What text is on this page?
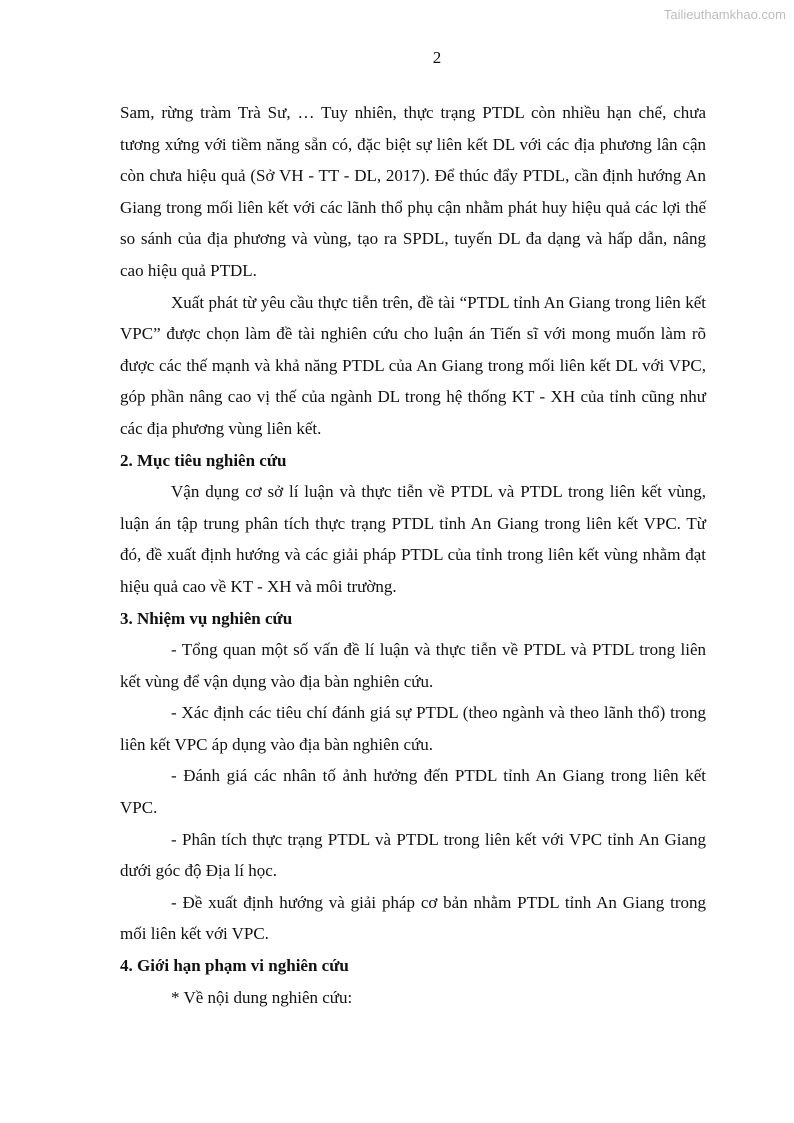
Tailieuthamkhao.com
2

Sam, rừng tràm Trà Sư, … Tuy nhiên, thực trạng PTDL còn nhiều hạn chế, chưa tương xứng với tiềm năng sẵn có, đặc biệt sự liên kết DL với các địa phương lân cận còn chưa hiệu quả (Sở VH - TT - DL, 2017). Để thúc đẩy PTDL, cần định hướng An Giang trong mối liên kết với các lãnh thổ phụ cận nhằm phát huy hiệu quả các lợi thế so sánh của địa phương và vùng, tạo ra SPDL, tuyến DL đa dạng và hấp dẫn, nâng cao hiệu quả PTDL.

Xuất phát từ yêu cầu thực tiễn trên, đề tài “PTDL tỉnh An Giang trong liên kết VPC” được chọn làm đề tài nghiên cứu cho luận án Tiến sĩ với mong muốn làm rõ được các thế mạnh và khả năng PTDL của An Giang trong mối liên kết DL với VPC, góp phần nâng cao vị thế của ngành DL trong hệ thống KT - XH của tỉnh cũng như các địa phương vùng liên kết.

2. Mục tiêu nghiên cứu

Vận dụng cơ sở lí luận và thực tiễn về PTDL và PTDL trong liên kết vùng, luận án tập trung phân tích thực trạng PTDL tỉnh An Giang trong liên kết VPC. Từ đó, đề xuất định hướng và các giải pháp PTDL của tỉnh trong liên kết vùng nhằm đạt hiệu quả cao về KT - XH và môi trường.

3. Nhiệm vụ nghiên cứu

- Tổng quan một số vấn đề lí luận và thực tiễn về PTDL và PTDL trong liên kết vùng để vận dụng vào địa bàn nghiên cứu.

- Xác định các tiêu chí đánh giá sự PTDL (theo ngành và theo lãnh thổ) trong liên kết VPC áp dụng vào địa bàn nghiên cứu.

- Đánh giá các nhân tố ảnh hưởng đến PTDL tỉnh An Giang trong liên kết VPC.

- Phân tích thực trạng PTDL và PTDL trong liên kết với VPC tỉnh An Giang dưới góc độ Địa lí học.

- Đề xuất định hướng và giải pháp cơ bản nhằm PTDL tỉnh An Giang trong mối liên kết với VPC.

4. Giới hạn phạm vi nghiên cứu

* Về nội dung nghiên cứu:
